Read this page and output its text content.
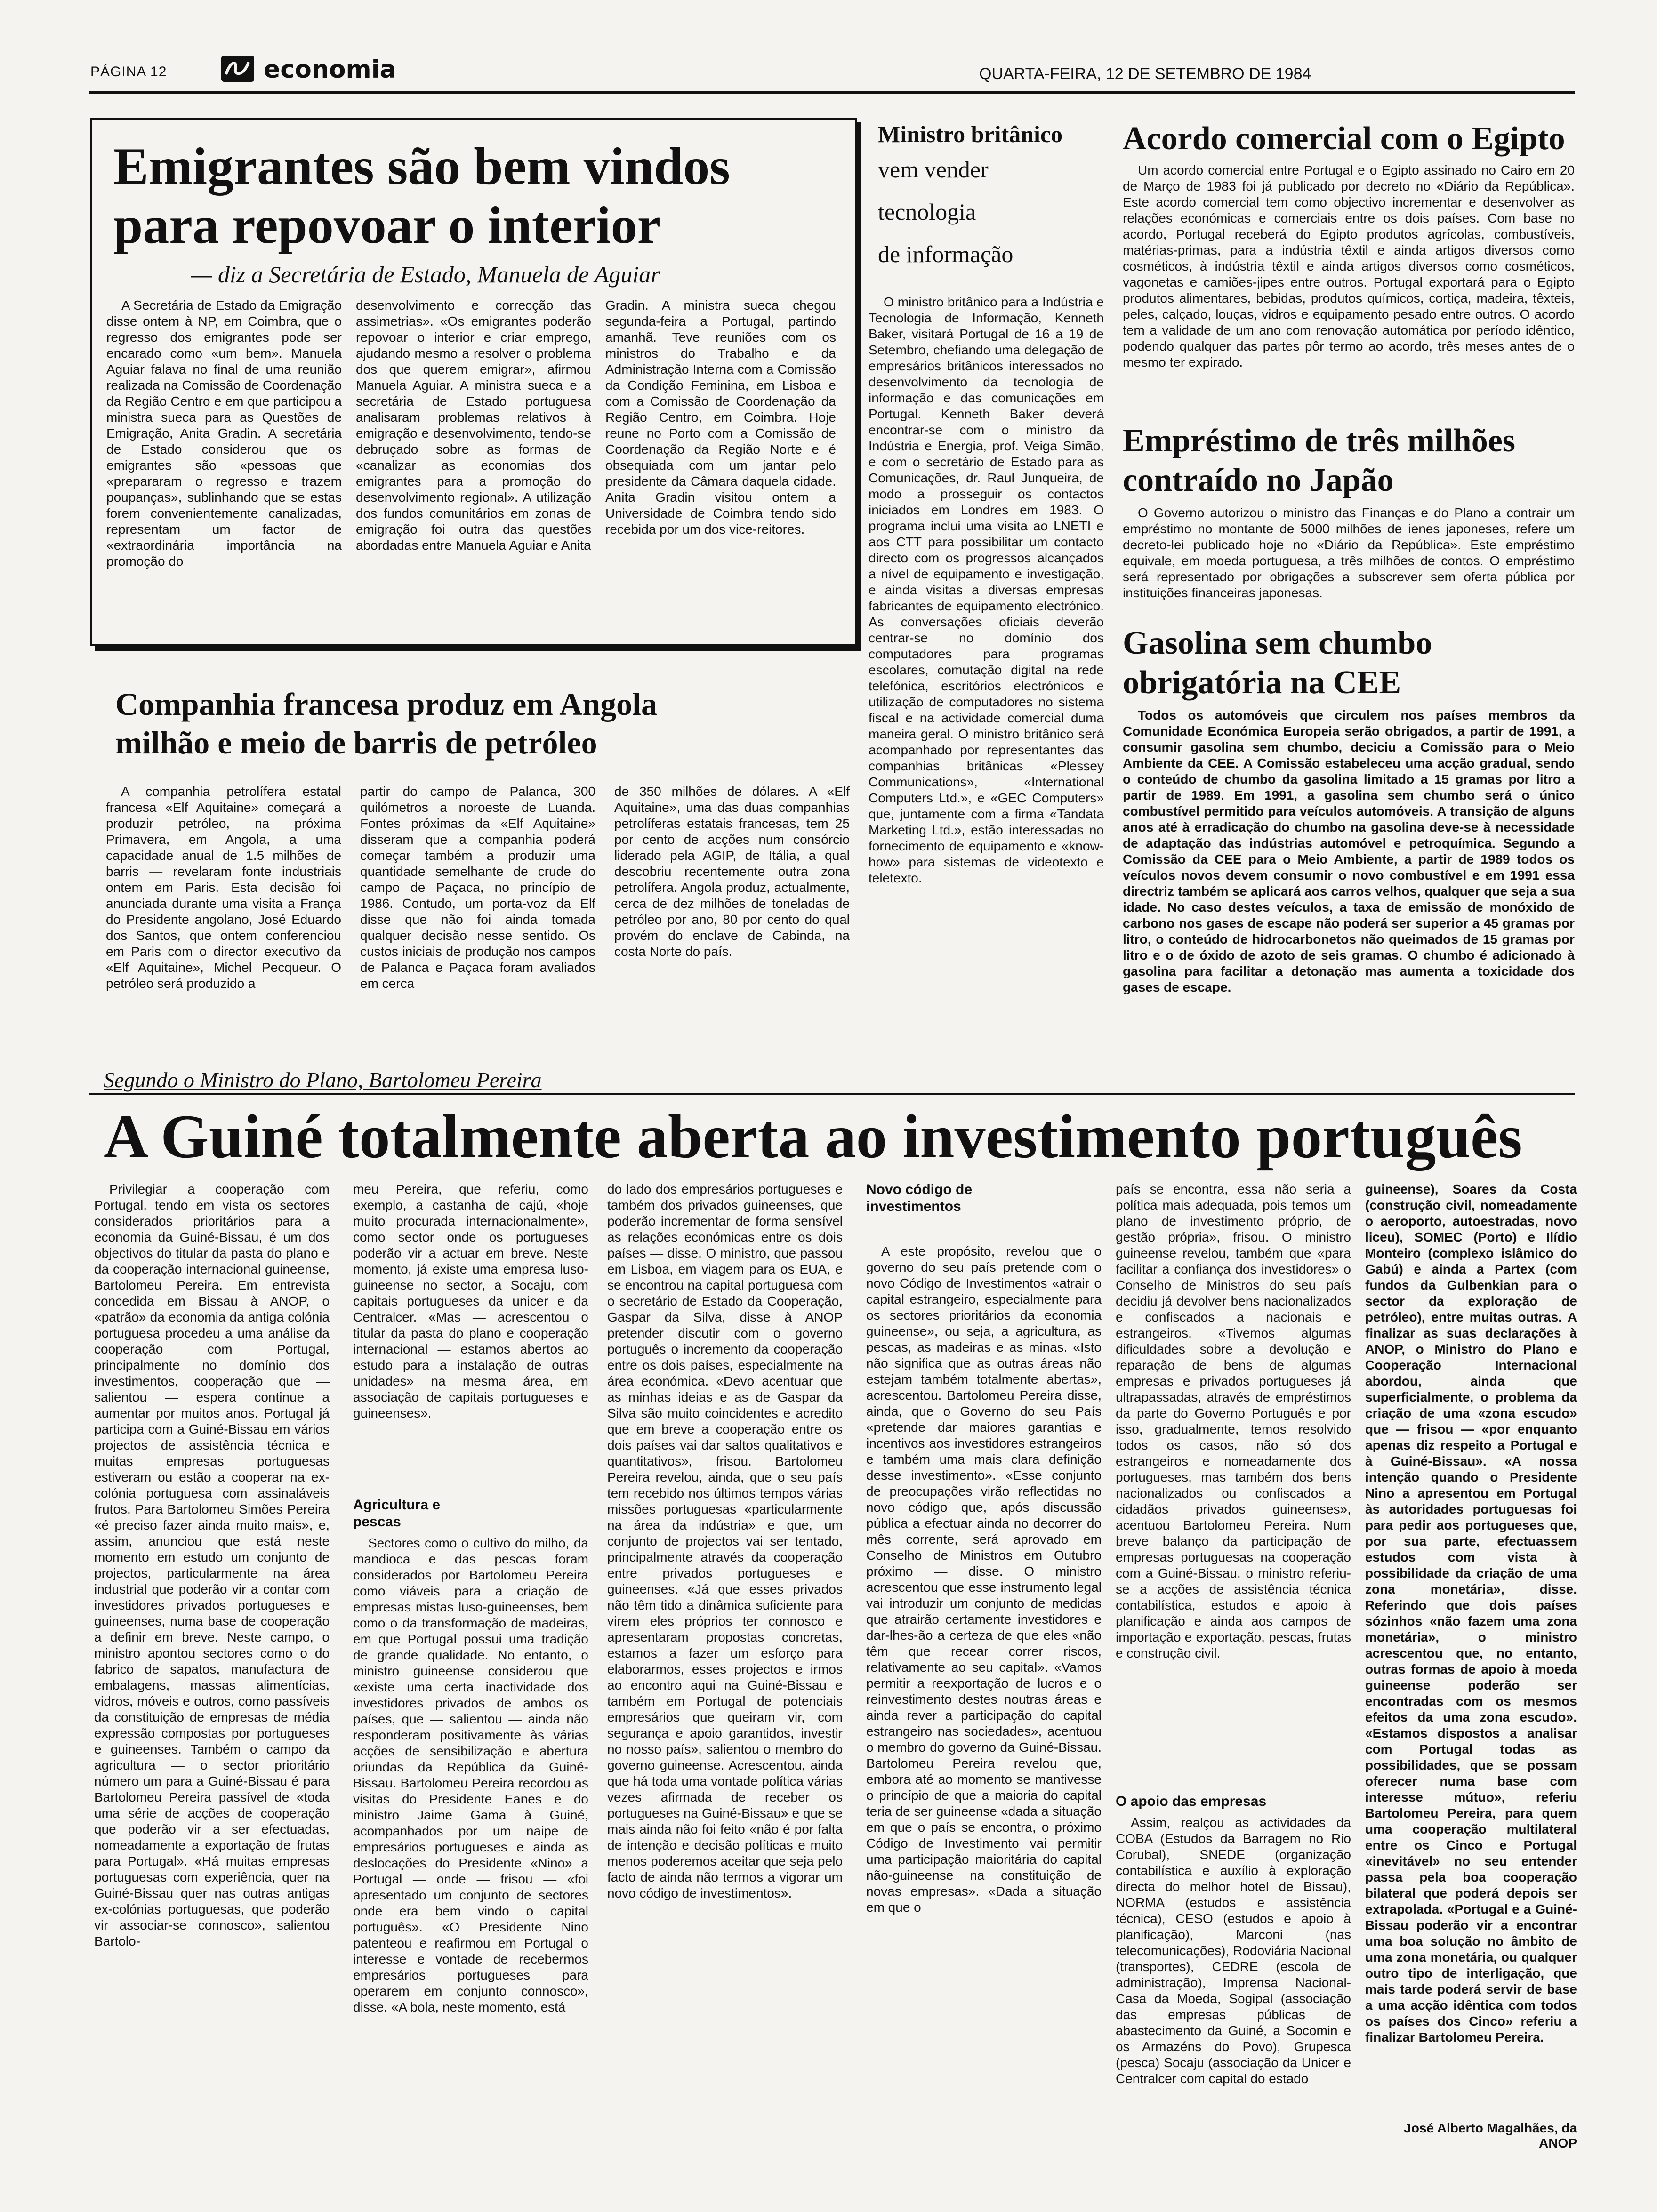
PÁGINA 12	economia	QUARTA-FEIRA, 12 DE SETEMBRO DE 1984
Emigrantes são bem vindos
para repovoar o interior
— diz a Secretária de Estado, Manuela de Aguiar
A Secretária de Estado da Emigração disse ontem à NP, em Coimbra, que o regresso dos emigrantes pode ser encarado como «um bem». Manuela Aguiar falava no final de uma reunião realizada na Comissão de Coordenação da Região Centro e em que participou a ministra sueca para as Questões de Emigração, Anita Gradin. A secretária de Estado considerou que os emigrantes são «pessoas que «prepararam o regresso e trazem poupanças», sublinhando que se estas forem convenientemente canalizadas, representam um factor de «extraordinária importância na promoção do
desenvolvimento e correcção das assimetrias». «Os emigrantes poderão repovoar o interior e criar emprego, ajudando mesmo a resolver o problema dos que querem emigrar», afirmou Manuela Aguiar. A ministra sueca e a secretária de Estado portuguesa analisaram problemas relativos à emigração e desenvolvimento, tendo-se debruçado sobre as formas de «canalizar as economias dos emigrantes para a promoção do desenvolvimento regional». A utilização dos fundos comunitários em zonas de emigração foi outra das questões abordadas entre Manuela Aguiar e Anita
Gradin. A ministra sueca chegou segunda-feira a Portugal, partindo amanhã. Teve reuniões com os ministros do Trabalho e da Administração Interna com a Comissão da Condição Feminina, em Lisboa e com a Comissão de Coordenação da Região Centro, em Coimbra. Hoje reune no Porto com a Comissão de Coordenação da Região Norte e é obsequiada com um jantar pelo presidente da Câmara daquela cidade. Anita Gradin visitou ontem a Universidade de Coimbra tendo sido recebida por um dos vice-reitores.
Ministro britânico
vem vender
tecnologia
de informação
O ministro britânico para a Indústria e Tecnologia de Informação, Kenneth Baker, visitará Portugal de 16 a 19 de Setembro, chefiando uma delegação de empresários britânicos interessados no desenvolvimento da tecnologia de informação e das comunicações em Portugal. Kenneth Baker deverá encontrar-se com o ministro da Indústria e Energia, prof. Veiga Simão, e com o secretário de Estado para as Comunicações, dr. Raul Junqueira, de modo a prosseguir os contactos iniciados em Londres em 1983. O programa inclui uma visita ao LNETI e aos CTT para possibilitar um contacto directo com os progressos alcançados a nível de equipamento e investigação, e ainda visitas a diversas empresas fabricantes de equipamento electrónico. As conversações oficiais deverão centrar-se no domínio dos computadores para programas escolares, comutação digital na rede telefónica, escritórios electrónicos e utilização de computadores no sistema fiscal e na actividade comercial duma maneira geral. O ministro britânico será acompanhado por representantes das companhias britânicas «Plessey Communications», «International Computers Ltd.», e «GEC Computers» que, juntamente com a firma «Tandata Marketing Ltd.», estão interessadas no fornecimento de equipamento e «know-how» para sistemas de videotexto e teletexto.
Acordo comercial com o Egipto
Um acordo comercial entre Portugal e o Egipto assinado no Cairo em 20 de Março de 1983 foi já publicado por decreto no «Diário da República». Este acordo comercial tem como objectivo incrementar e desenvolver as relações económicas e comerciais entre os dois países. Com base no acordo, Portugal receberá do Egipto produtos agrícolas, combustíveis, matérias-primas, para a indústria têxtil e ainda artigos diversos como cosméticos, à indústria têxtil e ainda artigos diversos como cosméticos, vagonetas e camiões-jipes entre outros. Portugal exportará para o Egipto produtos alimentares, bebidas, produtos químicos, cortiça, madeira, têxteis, peles, calçado, louças, vidros e equipamento pesado entre outros. O acordo tem a validade de um ano com renovação automática por período idêntico, podendo qualquer das partes pôr termo ao acordo, três meses antes de o mesmo ter expirado.
Empréstimo de três milhões
contraído no Japão
O Governo autorizou o ministro das Finanças e do Plano a contrair um empréstimo no montante de 5000 milhões de ienes japoneses, refere um decreto-lei publicado hoje no «Diário da República». Este empréstimo equivale, em moeda portuguesa, a três milhões de contos. O empréstimo será representado por obrigações a subscrever sem oferta pública por instituições financeiras japonesas.
Gasolina sem chumbo
obrigatória na CEE
Todos os automóveis que circulem nos países membros da Comunidade Económica Europeia serão obrigados, a partir de 1991, a consumir gasolina sem chumbo, deciciu a Comissão para o Meio Ambiente da CEE. A Comissão estabeleceu uma acção gradual, sendo o conteúdo de chumbo da gasolina limitado a 15 gramas por litro a partir de 1989. Em 1991, a gasolina sem chumbo será o único combustível permitido para veículos automóveis. A transição de alguns anos até à erradicação do chumbo na gasolina deve-se à necessidade de adaptação das indústrias automóvel e petroquímica. Segundo a Comissão da CEE para o Meio Ambiente, a partir de 1989 todos os veículos novos devem consumir o novo combustível e em 1991 essa directriz também se aplicará aos carros velhos, qualquer que seja a sua idade. No caso destes veículos, a taxa de emissão de monóxido de carbono nos gases de escape não poderá ser superior a 45 gramas por litro, o conteúdo de hidrocarbonetos não queimados de 15 gramas por litro e o de óxido de azoto de seis gramas. O chumbo é adicionado à gasolina para facilitar a detonação mas aumenta a toxicidade dos gases de escape.
Companhia francesa produz em Angola
milhão e meio de barris de petróleo
A companhia petrolífera estatal francesa «Elf Aquitaine» começará a produzir petróleo, na próxima Primavera, em Angola, a uma capacidade anual de 1.5 milhões de barris — revelaram fonte industriais ontem em Paris. Esta decisão foi anunciada durante uma visita a França do Presidente angolano, José Eduardo dos Santos, que ontem conferenciou em Paris com o director executivo da «Elf Aquitaine», Michel Pecqueur. O petróleo será produzido a
partir do campo de Palanca, 300 quilómetros a noroeste de Luanda. Fontes próximas da «Elf Aquitaine» disseram que a companhia poderá começar também a produzir uma quantidade semelhante de crude do campo de Paçaca, no princípio de 1986. Contudo, um porta-voz da Elf disse que não foi ainda tomada qualquer decisão nesse sentido. Os custos iniciais de produção nos campos de Palanca e Paçaca foram avaliados em cerca
de 350 milhões de dólares. A «Elf Aquitaine», uma das duas companhias petrolíferas estatais francesas, tem 25 por cento de acções num consórcio liderado pela AGIP, de Itália, a qual descobriu recentemente outra zona petrolífera. Angola produz, actualmente, cerca de dez milhões de toneladas de petróleo por ano, 80 por cento do qual provém do enclave de Cabinda, na costa Norte do país.
Segundo o Ministro do Plano, Bartolomeu Pereira
A Guiné totalmente aberta ao investimento português
Privilegiar a cooperação com Portugal, tendo em vista os sectores considerados prioritários para a economia da Guiné-Bissau, é um dos objectivos do titular da pasta do plano e da cooperação internacional guineense, Bartolomeu Pereira. Em entrevista concedida em Bissau à ANOP, o «patrão» da economia da antiga colónia portuguesa procedeu a uma análise da cooperação com Portugal, principalmente no domínio dos investimentos, cooperação que — salientou — espera continue a aumentar por muitos anos. Portugal já participa com a Guiné-Bissau em vários projectos de assistência técnica e muitas empresas portuguesas estiveram ou estão a cooperar na ex-colónia portuguesa com assinaláveis frutos. Para Bartolomeu Simões Pereira «é preciso fazer ainda muito mais», e, assim, anunciou que está neste momento em estudo um conjunto de projectos, particularmente na área industrial que poderão vir a contar com investidores privados portugueses e guineenses, numa base de cooperação a definir em breve. Neste campo, o ministro apontou sectores como o do fabrico de sapatos, manufactura de embalagens, massas alimentícias, vidros, móveis e outros, como passíveis da constituição de empresas de média expressão compostas por portugueses e guineenses. Também o campo da agricultura — o sector prioritário número um para a Guiné-Bissau é para Bartolomeu Pereira passível de «toda uma série de acções de cooperação que poderão vir a ser efectuadas, nomeadamente a exportação de frutas para Portugal». «Há muitas empresas portuguesas com experiência, quer na Guiné-Bissau quer nas outras antigas ex-colónias portuguesas, que poderão vir associar-se connosco», salientou Bartolo-
meu Pereira, que referiu, como exemplo, a castanha de cajú, «hoje muito procurada internacionalmente», como sector onde os portugueses poderão vir a actuar em breve. Neste momento, já existe uma empresa luso-guineense no sector, a Socaju, com capitais portugueses da unicer e da Centralcer. «Mas — acrescentou o titular da pasta do plano e cooperação internacional — estamos abertos ao estudo para a instalação de outras unidades» na mesma área, em associação de capitais portugueses e guineenses».
Agricultura e pescas
Sectores como o cultivo do milho, da mandioca e das pescas foram considerados por Bartolomeu Pereira como viáveis para a criação de empresas mistas luso-guineenses, bem como o da transformação de madeiras, em que Portugal possui uma tradição de grande qualidade. No entanto, o ministro guineense considerou que «existe uma certa inactividade dos investidores privados de ambos os países, que — salientou — ainda não responderam positivamente às várias acções de sensibilização e abertura oriundas da República da Guiné-Bissau. Bartolomeu Pereira recordou as visitas do Presidente Eanes e do ministro Jaime Gama à Guiné, acompanhados por um naipe de empresários portugueses e ainda as deslocações do Presidente «Nino» a Portugal — onde — frisou — «foi apresentado um conjunto de sectores onde era bem vindo o capital português». «O Presidente Nino patenteou e reafirmou em Portugal o interesse e vontade de recebermos empresários portugueses para operarem em conjunto connosco», disse. «A bola, neste momento, está
do lado dos empresários portugueses e também dos privados guineenses, que poderão incrementar de forma sensível as relações económicas entre os dois países — disse. O ministro, que passou em Lisboa, em viagem para os EUA, e se encontrou na capital portuguesa com o secretário de Estado da Cooperação, Gaspar da Silva, disse à ANOP pretender discutir com o governo português o incremento da cooperação entre os dois países, especialmente na área económica. «Devo acentuar que as minhas ideias e as de Gaspar da Silva são muito coincidentes e acredito que em breve a cooperação entre os dois países vai dar saltos qualitativos e quantitativos», frisou. Bartolomeu Pereira revelou, ainda, que o seu país tem recebido nos últimos tempos várias missões portuguesas «particularmente na área da indústria» e que, um conjunto de projectos vai ser tentado, principalmente através da cooperação entre privados portugueses e guineenses. «Já que esses privados não têm tido a dinâmica suficiente para virem eles próprios ter connosco e apresentaram propostas concretas, estamos a fazer um esforço para elaborarmos, esses projectos e irmos ao encontro aqui na Guiné-Bissau e também em Portugal de potenciais empresários que queiram vir, com segurança e apoio garantidos, investir no nosso país», salientou o membro do governo guineense. Acrescentou, ainda que há toda uma vontade política várias vezes afirmada de receber os portugueses na Guiné-Bissau» e que se mais ainda não foi feito «não é por falta de intenção e decisão políticas e muito menos poderemos aceitar que seja pelo facto de ainda não termos a vigorar um novo código de investimentos».
Novo código de investimentos
A este propósito, revelou que o governo do seu país pretende com o novo Código de Investimentos «atrair o capital estrangeiro, especialmente para os sectores prioritários da economia guineense», ou seja, a agricultura, as pescas, as madeiras e as minas. «Isto não significa que as outras áreas não estejam também totalmente abertas», acrescentou. Bartolomeu Pereira disse, ainda, que o Governo do seu País «pretende dar maiores garantias e incentivos aos investidores estrangeiros e também uma mais clara definição desse investimento». «Esse conjunto de preocupações virão reflectidas no novo código que, após discussão pública a efectuar ainda no decorrer do mês corrente, será aprovado em Conselho de Ministros em Outubro próximo — disse. O ministro acrescentou que esse instrumento legal vai introduzir um conjunto de medidas que atrairão certamente investidores e dar-lhes-ão a certeza de que eles «não têm que recear correr riscos, relativamente ao seu capital». «Vamos permitir a reexportação de lucros e o reinvestimento destes noutras áreas e ainda rever a participação do capital estrangeiro nas sociedades», acentuou o membro do governo da Guiné-Bissau. Bartolomeu Pereira revelou que, embora até ao momento se mantivesse o princípio de que a maioria do capital teria de ser guineense «dada a situação em que o país se encontra, o próximo Código de Investimento vai permitir uma participação maioritária do capital não-guineense na constituição de novas empresas». «Dada a situação em que o
país se encontra, essa não seria a política mais adequada, pois temos um plano de investimento próprio, de gestão própria», frisou. O ministro guineense revelou, também que «para facilitar a confiança dos investidores» o Conselho de Ministros do seu país decidiu já devolver bens nacionalizados e confiscados a nacionais e estrangeiros. «Tivemos algumas dificuldades sobre a devolução e reparação de bens de algumas empresas e privados portugueses já ultrapassadas, através de empréstimos da parte do Governo Português e por isso, gradualmente, temos resolvido todos os casos, não só dos estrangeiros e nomeadamente dos portugueses, mas também dos bens nacionalizados ou confiscados a cidadãos privados guineenses», acentuou Bartolomeu Pereira. Num breve balanço da participação de empresas portuguesas na cooperação com a Guiné-Bissau, o ministro referiu-se a acções de assistência técnica contabilística, estudos e apoio à planificação e ainda aos campos de importação e exportação, pescas, frutas e construção civil.
O apoio das empresas
Assim, realçou as actividades da COBA (Estudos da Barragem no Rio Corubal), SNEDE (organização contabilística e auxílio à exploração directa do melhor hotel de Bissau), NORMA (estudos e assistência técnica), CESO (estudos e apoio à planificação), Marconi (nas telecomunicações), Rodoviária Nacional (transportes), CEDRE (escola de administração), Imprensa Nacional-Casa da Moeda, Sogipal (associação das empresas públicas de abastecimento da Guiné, a Socomin e os Armazéns do Povo), Grupesca (pesca) Socaju (associação da Unicer e Centralcer com capital do estado
guineense), Soares da Costa (construção civil, nomeadamente o aeroporto, autoestradas, novo liceu), SOMEC (Porto) e Ilídio Monteiro (complexo islâmico do Gabú) e ainda a Partex (com fundos da Gulbenkian para o sector da exploração de petróleo), entre muitas outras. A finalizar as suas declarações à ANOP, o Ministro do Plano e Cooperação Internacional abordou, ainda que superficialmente, o problema da criação de uma «zona escudo» que — frisou — «por enquanto apenas diz respeito a Portugal e à Guiné-Bissau». «A nossa intenção quando o Presidente Nino a apresentou em Portugal às autoridades portuguesas foi para pedir aos portugueses que, por sua parte, efectuassem estudos com vista à possibilidade da criação de uma zona monetária», disse. Referindo que dois países sózinhos «não fazem uma zona monetária», o ministro acrescentou que, no entanto, outras formas de apoio à moeda guineense poderão ser encontradas com os mesmos efeitos da uma zona escudo». «Estamos dispostos a analisar com Portugal todas as possibilidades, que se possam oferecer numa base com interesse mútuo», referiu Bartolomeu Pereira, para quem uma cooperação multilateral entre os Cinco e Portugal «inevitável» no seu entender passa pela boa cooperação bilateral que poderá depois ser extrapolada. «Portugal e a Guiné-Bissau poderão vir a encontrar uma boa solução no âmbito de uma zona monetária, ou qualquer outro tipo de interligação, que mais tarde poderá servir de base a uma acção idêntica com todos os países dos Cinco» referiu a finalizar Bartolomeu Pereira.
José Alberto Magalhães, da
ANOP
